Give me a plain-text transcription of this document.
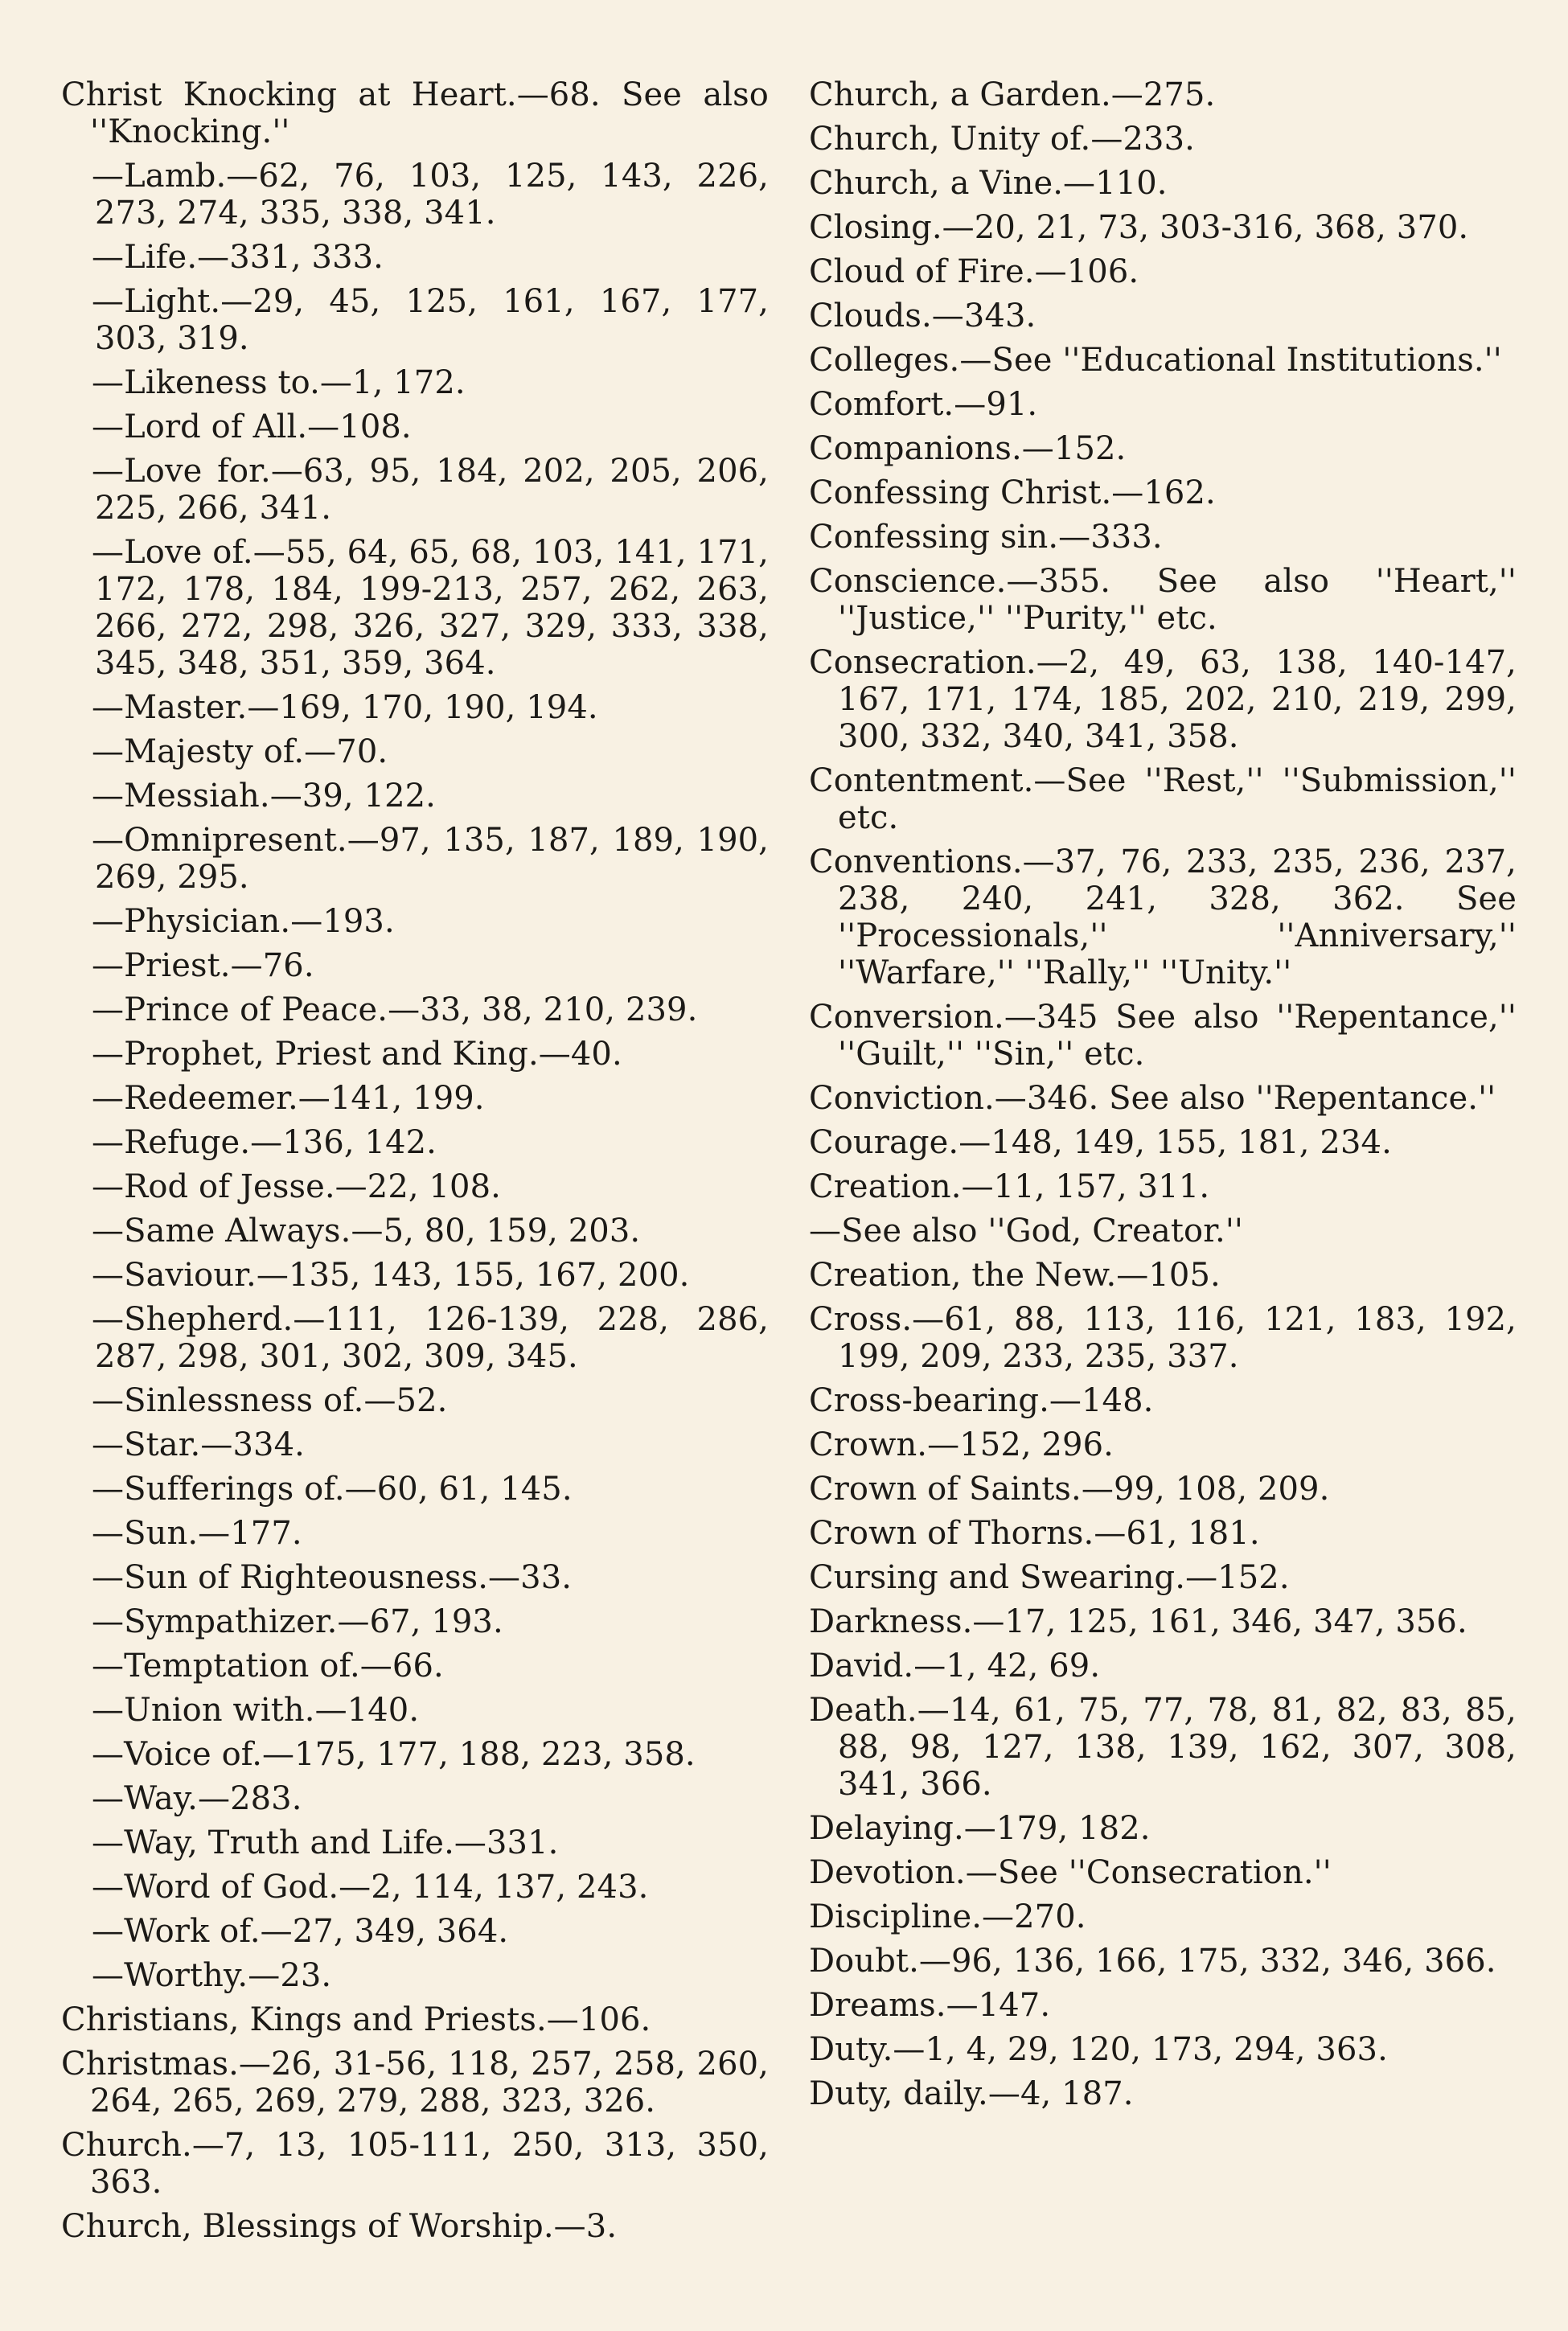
Christ Knocking at Heart.—68. See also ''Knocking.''
—Lamb.—62, 76, 103, 125, 143, 226, 273, 274, 335, 338, 341.
—Life.—331, 333.
—Light.—29, 45, 125, 161, 167, 177, 303, 319.
—Likeness to.—1, 172.
—Lord of All.—108.
—Love for.—63, 95, 184, 202, 205, 206, 225, 266, 341.
—Love of.—55, 64, 65, 68, 103, 141, 171, 172, 178, 184, 199-213, 257, 262, 263, 266, 272, 298, 326, 327, 329, 333, 338, 345, 348, 351, 359, 364.
—Master.—169, 170, 190, 194.
—Majesty of.—70.
—Messiah.—39, 122.
—Omnipresent.—97, 135, 187, 189, 190, 269, 295.
—Physician.—193.
—Priest.—76.
—Prince of Peace.—33, 38, 210, 239.
—Prophet, Priest and King.—40.
—Redeemer.—141, 199.
—Refuge.—136, 142.
—Rod of Jesse.—22, 108.
—Same Always.—5, 80, 159, 203.
—Saviour.—135, 143, 155, 167, 200.
—Shepherd.—111, 126-139, 228, 286, 287, 298, 301, 302, 309, 345.
—Sinlessness of.—52.
—Star.—334.
—Sufferings of.—60, 61, 145.
—Sun.—177.
—Sun of Righteousness.—33.
—Sympathizer.—67, 193.
—Temptation of.—66.
—Union with.—140.
—Voice of.—175, 177, 188, 223, 358.
—Way.—283.
—Way, Truth and Life.—331.
—Word of God.—2, 114, 137, 243.
—Work of.—27, 349, 364.
—Worthy.—23.
Christians, Kings and Priests.—106.
Christmas.—26, 31-56, 118, 257, 258, 260, 264, 265, 269, 279, 288, 323, 326.
Church.—7, 13, 105-111, 250, 313, 350, 363.
Church, Blessings of Worship.—3.
Church, a Garden.—275.
Church, Unity of.—233.
Church, a Vine.—110.
Closing.—20, 21, 73, 303-316, 368, 370.
Cloud of Fire.—106.
Clouds.—343.
Colleges.—See ''Educational Institutions.''
Comfort.—91.
Companions.—152.
Confessing Christ.—162.
Confessing sin.—333.
Conscience.—355. See also ''Heart,'' ''Justice,'' ''Purity,'' etc.
Consecration.—2, 49, 63, 138, 140-147, 167, 171, 174, 185, 202, 210, 219, 299, 300, 332, 340, 341, 358.
Contentment.—See ''Rest,'' ''Submission,'' etc.
Conventions.—37, 76, 233, 235, 236, 237, 238, 240, 241, 328, 362. See ''Processionals,'' ''Anniversary,'' ''Warfare,'' ''Rally,'' ''Unity.''
Conversion.—345 See also ''Repentance,'' ''Guilt,'' ''Sin,'' etc.
Conviction.—346. See also ''Repentance.''
Courage.—148, 149, 155, 181, 234.
Creation.—11, 157, 311.
—See also ''God, Creator.''
Creation, the New.—105.
Cross.—61, 88, 113, 116, 121, 183, 192, 199, 209, 233, 235, 337.
Cross-bearing.—148.
Crown.—152, 296.
Crown of Saints.—99, 108, 209.
Crown of Thorns.—61, 181.
Cursing and Swearing.—152.
Darkness.—17, 125, 161, 346, 347, 356.
David.—1, 42, 69.
Death.—14, 61, 75, 77, 78, 81, 82, 83, 85, 88, 98, 127, 138, 139, 162, 307, 308, 341, 366.
Delaying.—179, 182.
Devotion.—See ''Consecration.''
Discipline.—270.
Doubt.—96, 136, 166, 175, 332, 346, 366.
Dreams.—147.
Duty.—1, 4, 29, 120, 173, 294, 363.
Duty, daily.—4, 187.
